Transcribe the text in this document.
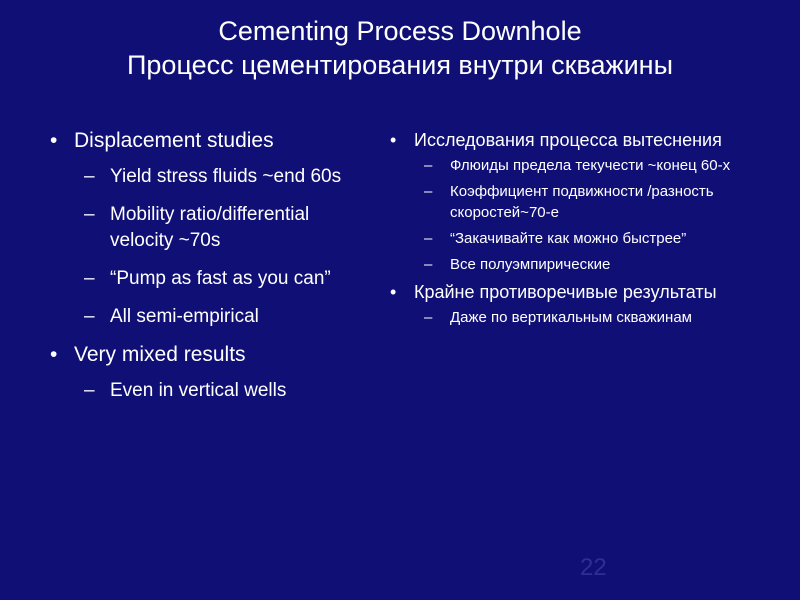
Cementing Process Downhole
Процесс цементирования внутри скважины
• Displacement studies
– Yield stress fluids ~end 60s
– Mobility ratio/differential velocity ~70s
– “Pump as fast as you can”
– All semi-empirical
• Very mixed results
– Even in vertical wells
• Исследования процесса вытеснения
– Флюиды предела текучести ~конец 60-х
– Коэффициент подвижности /разность скоростей~70-е
– “Закачивайте как можно быстрее”
– Все полуэмпирические
• Крайне противоречивые результаты
– Даже по вертикальным скважинам
22
